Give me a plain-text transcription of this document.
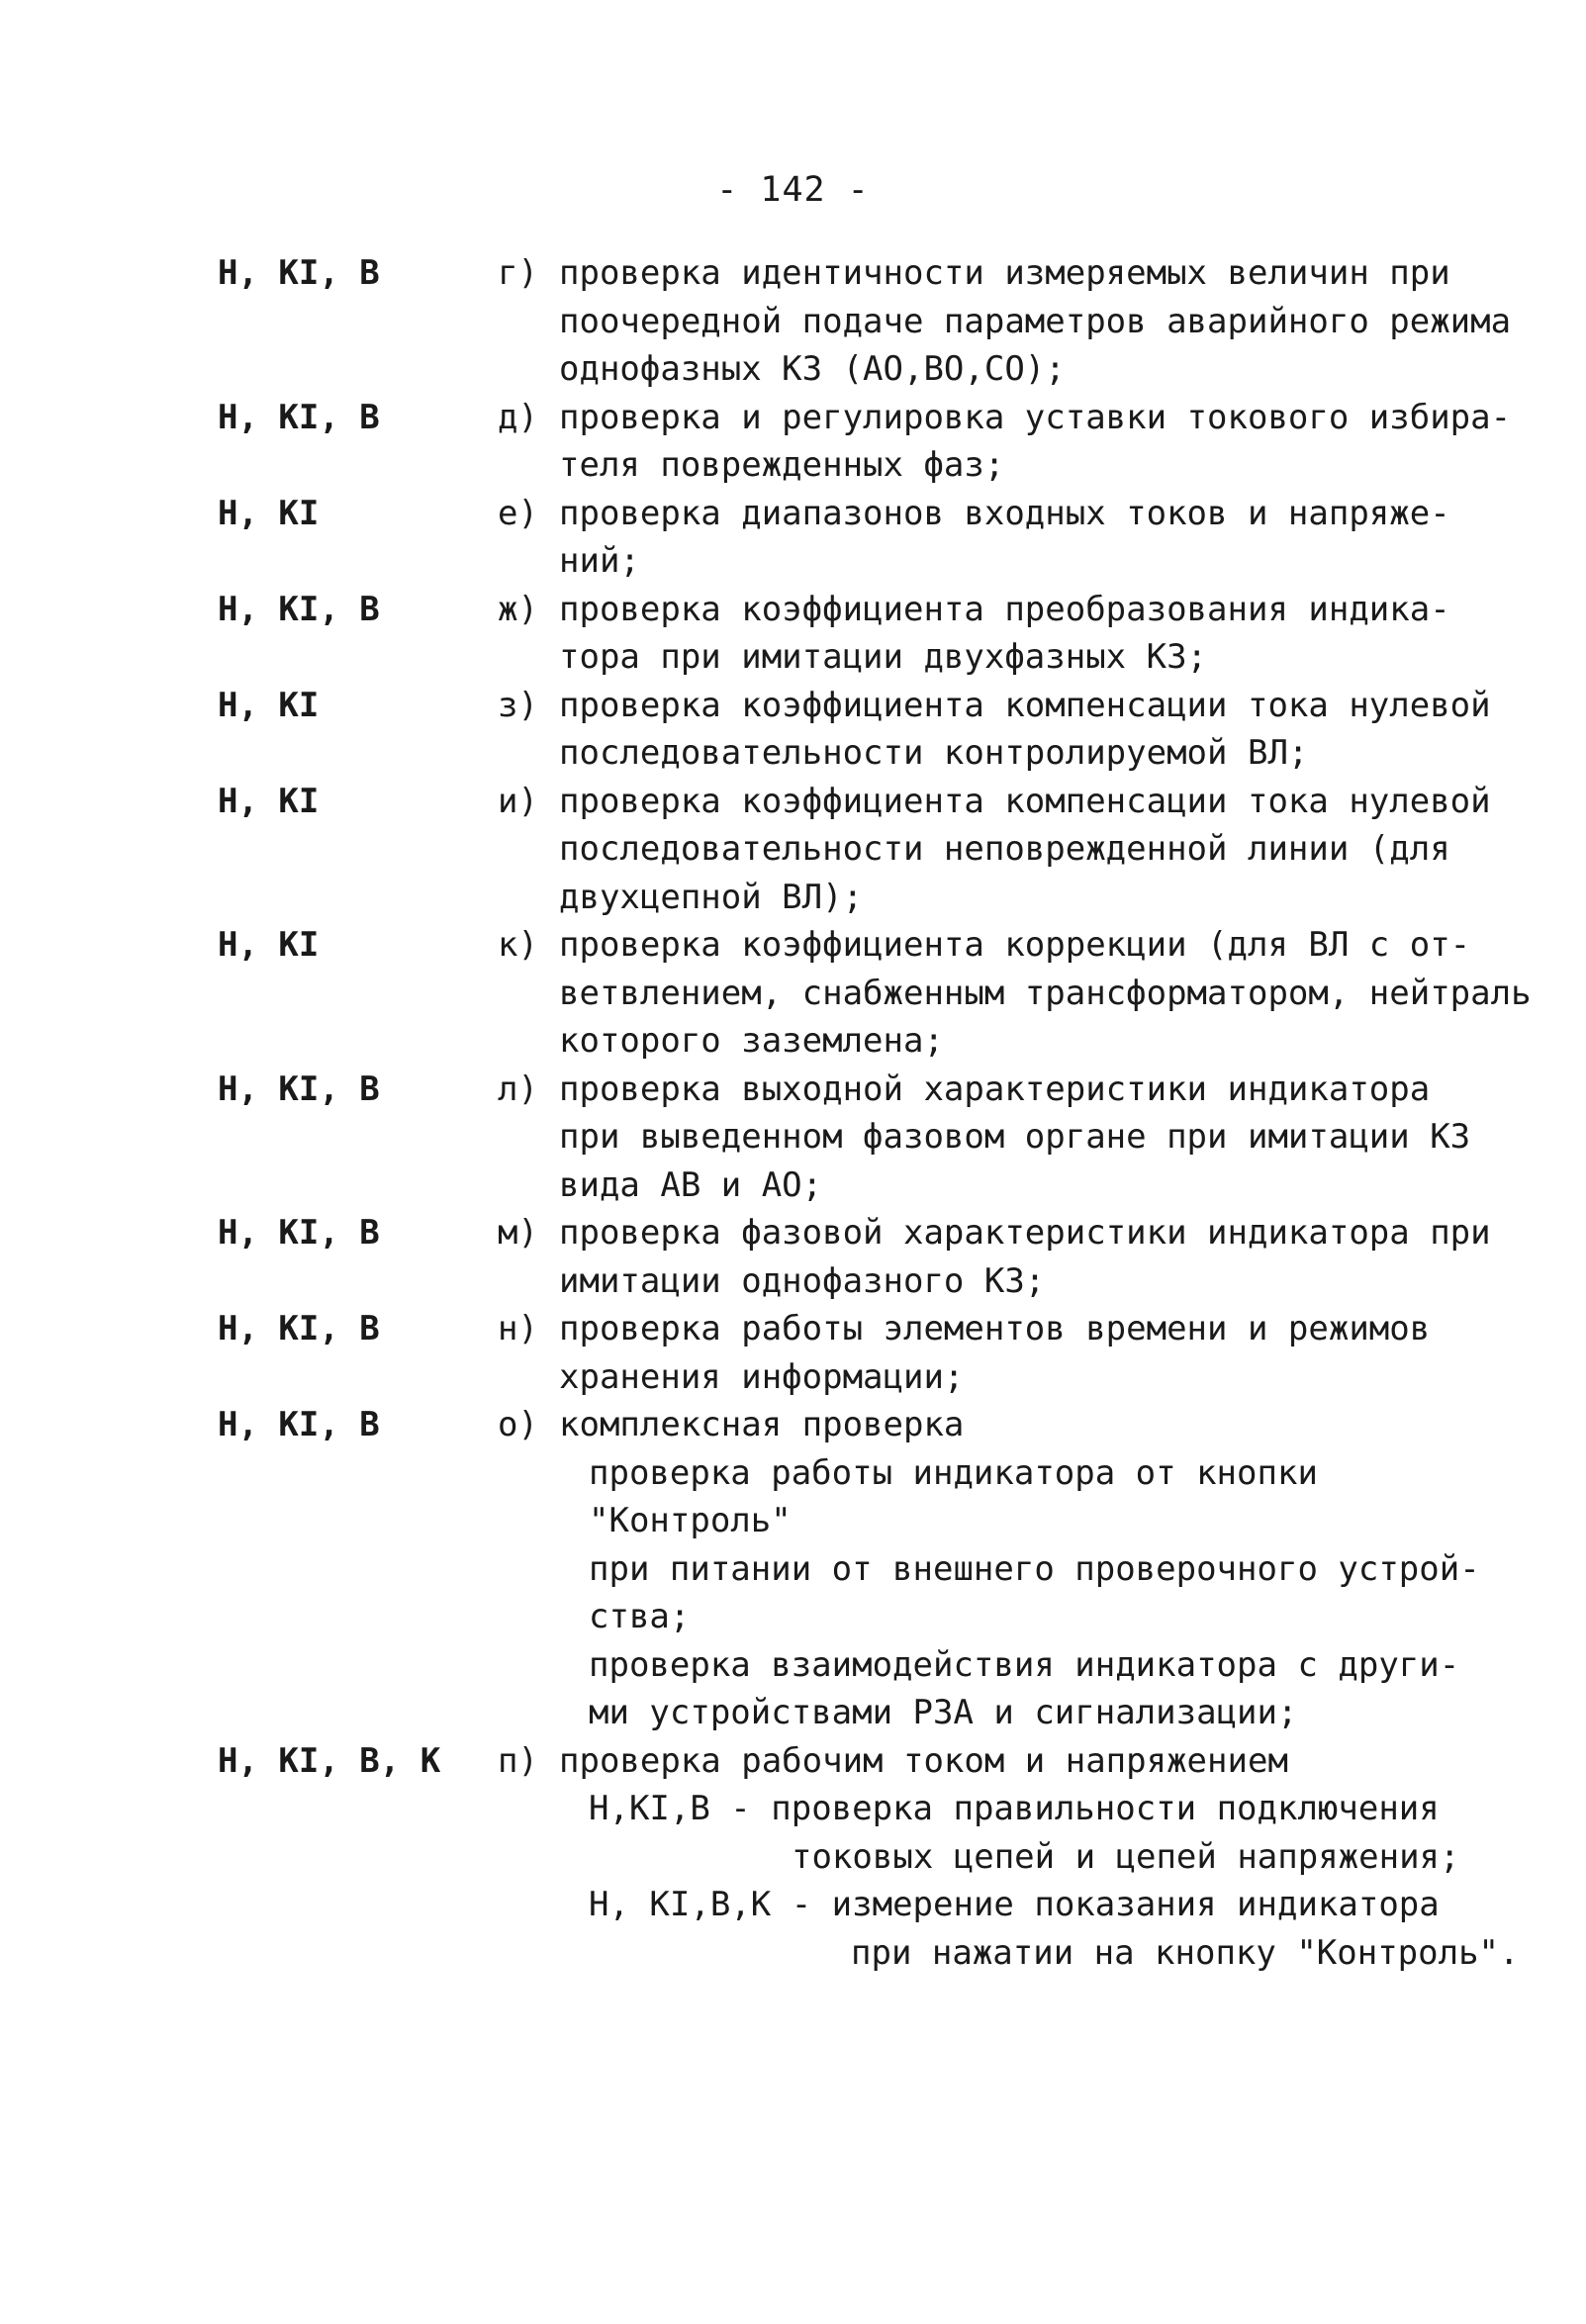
- 142 -
Н, КI, В	г) проверка идентичности измеряемых величин при
поочередной подаче параметров аварийного режима
однофазных КЗ (АО,ВО,СО);
Н, КI, В	д) проверка и регулировка уставки токового избира-
теля поврежденных фаз;
Н, КI	е) проверка диапазонов входных токов и напряже-
ний;
Н, КI, В	ж) проверка коэффициента преобразования индика-
тора при имитации двухфазных КЗ;
Н, КI	з) проверка коэффициента компенсации тока нулевой
последовательности контролируемой ВЛ;
Н, КI	и) проверка коэффициента компенсации тока нулевой
последовательности неповрежденной линии (для
двухцепной ВЛ);
Н, КI	к) проверка коэффициента коррекции (для ВЛ с от-
ветвлением, снабженным трансформатором, нейтраль
которого заземлена;
Н, КI, В	л) проверка выходной характеристики индикатора
при выведенном фазовом органе при имитации КЗ
вида АВ и АО;
Н, КI, В	м) проверка фазовой характеристики индикатора при
имитации однофазного КЗ;
Н, КI, В	н) проверка работы элементов времени и режимов
хранения информации;
Н, КI, В	о) комплексная проверка
проверка работы индикатора от кнопки
"Контроль"
при питании от внешнего проверочного устрой-
ства;
проверка взаимодействия индикатора с други-
ми устройствами РЗА и сигнализации;
Н, КI, В, К п) проверка рабочим током и напряжением
Н,КI,В - проверка правильности подключения
токовых цепей и цепей напряжения;
Н, КI,В,К - измерение показания индикатора
при нажатии на кнопку "Контроль".
